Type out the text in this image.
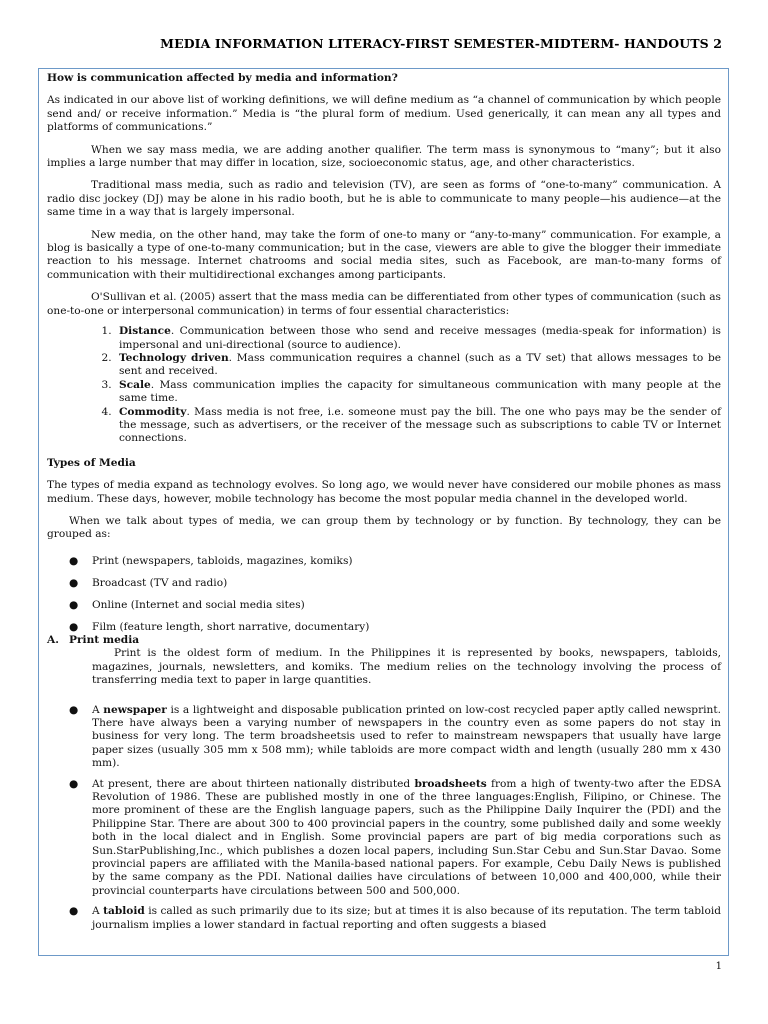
MEDIA INFORMATION LITERACY-FIRST SEMESTER-MIDTERM- HANDOUTS 2

How is communication affected by media and information?

As indicated in our above list of working definitions, we will define medium as “a channel of communication by which people send and/ or receive information.” Media is “the plural form of medium. Used generically, it can mean any all types and platforms of communications.”

When we say mass media, we are adding another qualifier. The term mass is synonymous to “many”; but it also implies a large number that may differ in location, size, socioeconomic status, age, and other characteristics.

Traditional mass media, such as radio and television (TV), are seen as forms of “one-to-many” communication. A radio disc jockey (DJ) may be alone in his radio booth, but he is able to communicate to many people—his audience—at the same time in a way that is largely impersonal.

New media, on the other hand, may take the form of one-to many or “any-to-many” communication. For example, a blog is basically a type of one-to-many communication; but in the case, viewers are able to give the blogger their immediate reaction to his message. Internet chatrooms and social media sites, such as Facebook, are man-to-many forms of communication with their multidirectional exchanges among participants.

O'Sullivan et al. (2005) assert that the mass media can be differentiated from other types of communication (such as one-to-one or interpersonal communication) in terms of four essential characteristics:

1. Distance. Communication between those who send and receive messages (media-speak for information) is impersonal and uni-directional (source to audience).
2. Technology driven. Mass communication requires a channel (such as a TV set) that allows messages to be sent and received.
3. Scale. Mass communication implies the capacity for simultaneous communication with many people at the same time.
4. Commodity. Mass media is not free, i.e. someone must pay the bill. The one who pays may be the sender of the message, such as advertisers, or the receiver of the message such as subscriptions to cable TV or Internet connections.

Types of Media

The types of media expand as technology evolves. So long ago, we would never have considered our mobile phones as mass medium. These days, however, mobile technology has become the most popular media channel in the developed world.

When we talk about types of media, we can group them by technology or by function. By technology, they can be grouped as:

● Print (newspapers, tabloids, magazines, komiks)
● Broadcast (TV and radio)
● Online (Internet and social media sites)
● Film (feature length, short narrative, documentary)

A. Print media

Print is the oldest form of medium. In the Philippines it is represented by books, newspapers, tabloids, magazines, journals, newsletters, and komiks. The medium relies on the technology involving the process of transferring media text to paper in large quantities.

● A newspaper is a lightweight and disposable publication printed on low-cost recycled paper aptly called newsprint. There have always been a varying number of newspapers in the country even as some papers do not stay in business for very long. The term broadsheetsis used to refer to mainstream newspapers that usually have large paper sizes (usually 305 mm x 508 mm); while tabloids are more compact width and length (usually 280 mm x 430 mm).
● At present, there are about thirteen nationally distributed broadsheets from a high of twenty-two after the EDSA Revolution of 1986. These are published mostly in one of the three languages:English, Filipino, or Chinese. The more prominent of these are the English language papers, such as the Philippine Daily Inquirer the (PDI) and the Philippine Star. There are about 300 to 400 provincial papers in the country, some published daily and some weekly both in the local dialect and in English. Some provincial papers are part of big media corporations such as Sun.StarPublishing,Inc., which publishes a dozen local papers, including Sun.Star Cebu and Sun.Star Davao. Some provincial papers are affiliated with the Manila-based national papers. For example, Cebu Daily News is published by the same company as the PDI. National dailies have circulations of between 10,000 and 400,000, while their provincial counterparts have circulations between 500 and 500,000.
● A tabloid is called as such primarily due to its size; but at times it is also because of its reputation. The term tabloid journalism implies a lower standard in factual reporting and often suggests a biased
1
